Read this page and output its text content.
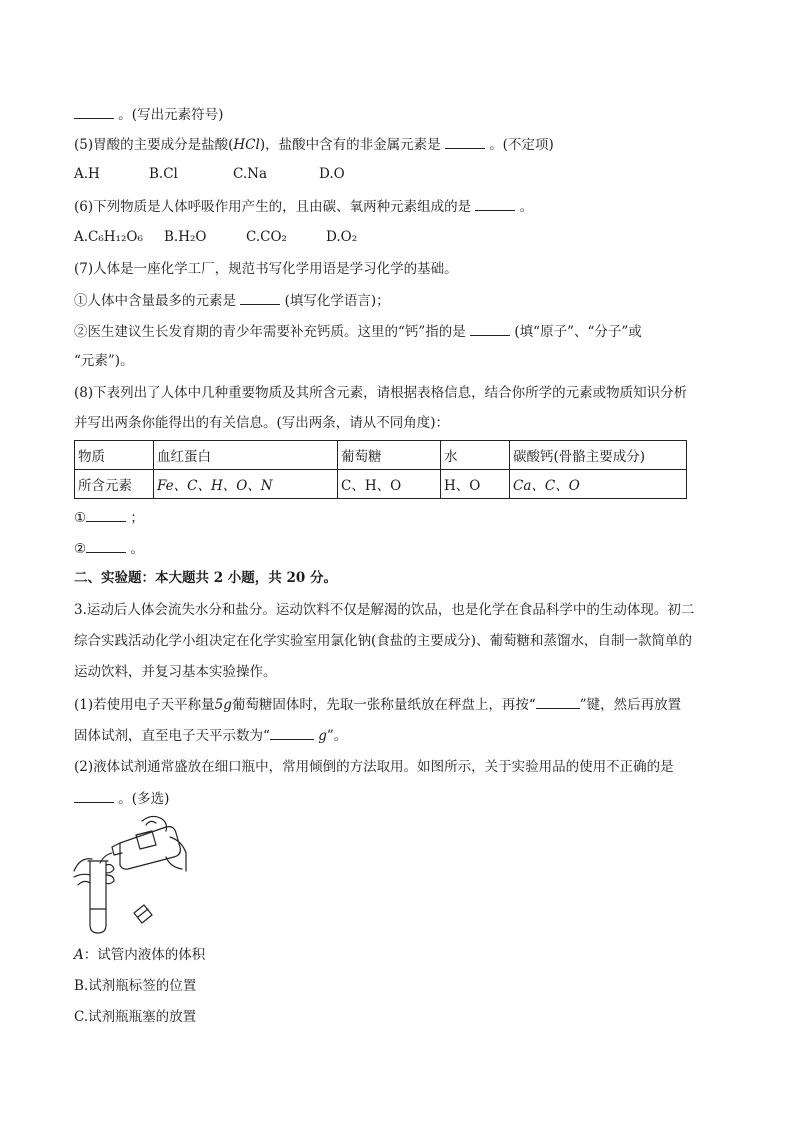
。(写出元素符号)
(5)胃酸的主要成分是盐酸(HCl)，盐酸中含有的非金属元素是	。(不定项)
A.H	B.Cl	C.Na	D.O
(6)下列物质是人体呼吸作用产生的，且由碳、氧两种元素组成的是	。
A.C₆H₁₂O₆ B.H₂O	C.CO₂	D.O₂
(7)人体是一座化学工厂，规范书写化学用语是学习化学的基础。
①人体中含量最多的元素是	(填写化学语言)；
②医生建议生长发育期的青少年需要补充钙质。这里的“钙”指的是	(填“原子”、“分子”或
“元素”)。
(8)下表列出了人体中几种重要物质及其所含元素，请根据表格信息，结合你所学的元素或物质知识分析
并写出两条你能得出的有关信息。(写出两条，请从不同角度)：
物质	血红蛋白	葡萄糖	水	碳酸钙(骨骼主要成分)
所含元素	Fe、C、H、O、N	C、H、O	H、O	Ca、C、O
①	；
②	。
二、实验题：本大题共 2 小题，共 20 分。
3.运动后人体会流失水分和盐分。运动饮料不仅是解渴的饮品，也是化学在食品科学中的生动体现。初二
综合实践活动化学小组决定在化学实验室用氯化钠(食盐的主要成分)、葡萄糖和蒸馏水，自制一款简单的
运动饮料，并复习基本实验操作。
(1)若使用电子天平称量5g葡萄糖固体时，先取一张称量纸放在秤盘上，再按“	”键，然后再放置
固体试剂，直至电子天平示数为“	g”。
(2)液体试剂通常盛放在细口瓶中，常用倾倒的方法取用。如图所示，关于实验用品的使用不正确的是
。(多选)
A：试管内液体的体积
B.试剂瓶标签的位置
C.试剂瓶瓶塞的放置
